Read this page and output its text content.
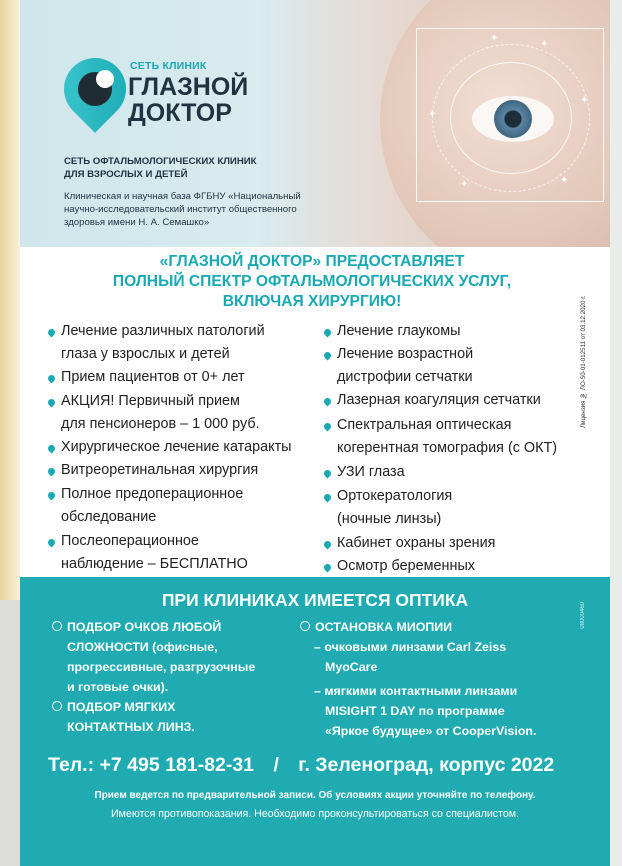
✦
✦
✦
✦
✦	✦
СЕТЬ КЛИНИК
ГЛАЗНОЙ
ДОКТОР
СЕТЬ ОФТАЛЬМОЛОГИЧЕСКИХ КЛИНИК
ДЛЯ ВЗРОСЛЫХ И ДЕТЕЙ
Клиническая и научная база ФГБНУ «Национальный
научно-исследовательский институт общественного
здоровья имени Н. А. Семашко»
«ГЛАЗНОЙ ДОКТОР» ПРЕДОСТАВЛЯЕТ
ПОЛНЫЙ СПЕКТР ОФТАЛЬМОЛОГИЧЕСКИХ УСЛУГ,
ВКЛЮЧАЯ ХИРУРГИЮ!	Лицензия № ЛО-50-01-012511 от 03.12.2020 г.
Лечение различных патологий
глаза у взрослых и детей
Прием пациентов от 0+ лет
АКЦИЯ! Первичный прием
для пенсионеров – 1 000 руб.
Хирургическое лечение катаракты
Витреоретинальная хирургия
Полное предоперационное
обследование
Послеоперационное
наблюдение – БЕСПЛАТНО
Лечение глаукомы
Лечение возрастной
дистрофии сетчатки
Лазерная коагуляция сетчатки
Спектральная оптическая
когерентная томография (с ОКТ)
УЗИ глаза
Ортокератология
(ночные линзы)
Кабинет охраны зрения
Осмотр беременных
ПРИ КЛИНИКАХ ИМЕЕТСЯ ОПТИКА
ПОДБОР ОЧКОВ ЛЮБОЙ
СЛОЖНОСТИ (офисные,
прогрессивные, разгрузочные
и готовые очки).
ПОДБОР МЯГКИХ
КОНТАКТНЫХ ЛИНЗ.
ОСТАНОВКА МИОПИИ
– очковыми линзами Carl Zeiss
MyoCare
– мягкими контактными линзами
MISIGHT 1 DAY по программе
«Яркое будущее» от CooperVision.
08000460
Тел.: +7 495 181-82-31 / г. Зеленоград, корпус 2022
Прием ведется по предварительной записи. Об условиях акции уточняйте по телефону.
Имеются противопоказания. Необходимо проконсультироваться со специалистом.
